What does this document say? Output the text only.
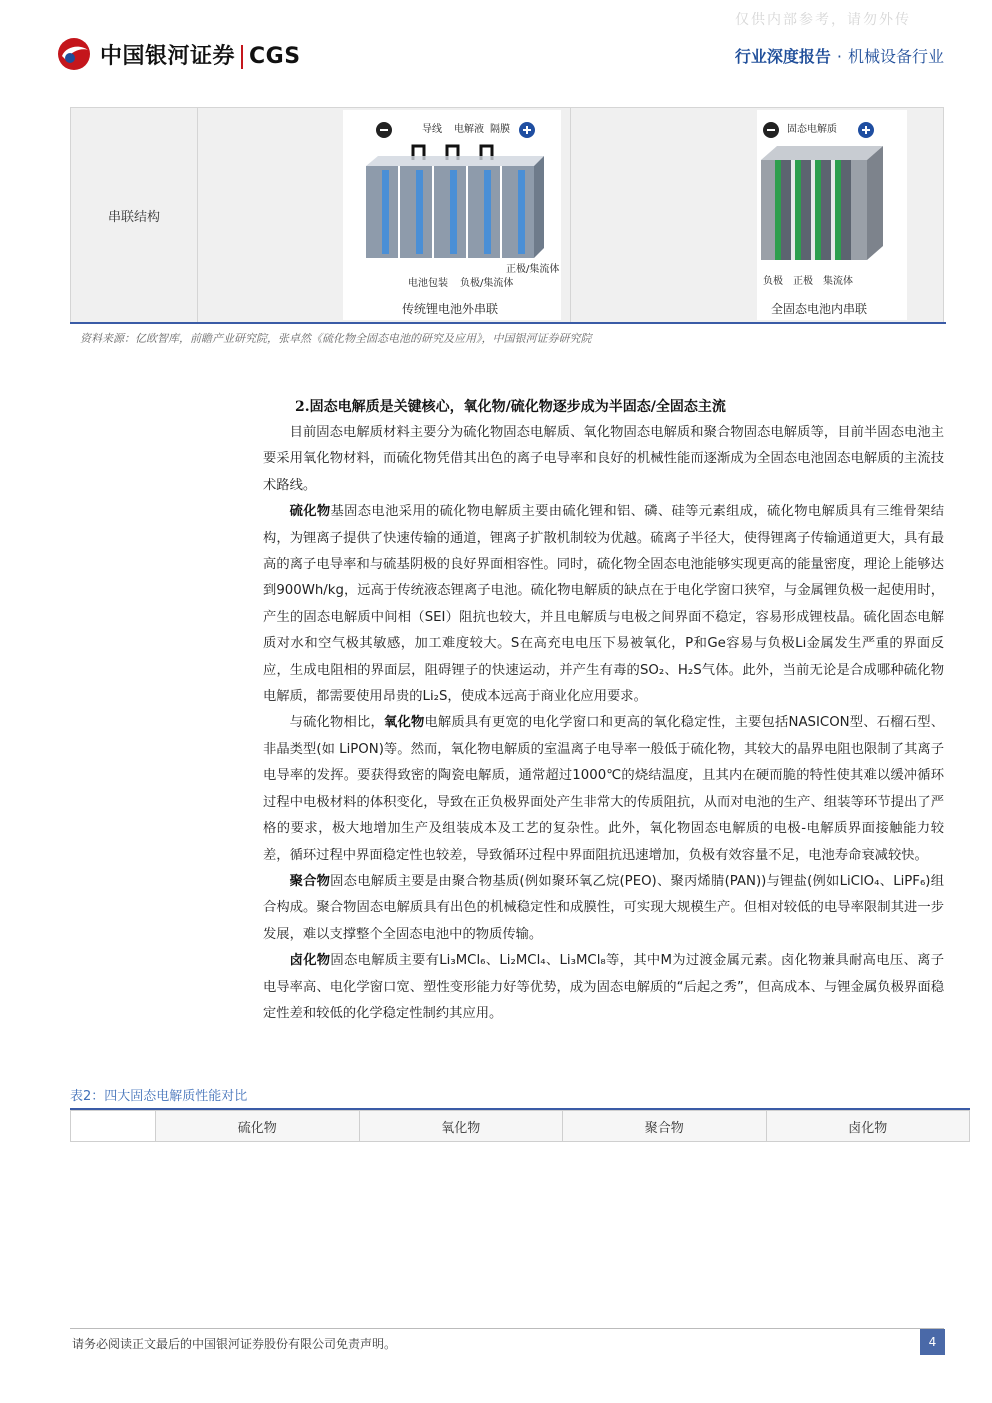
仅供内部参考，请勿外传
中国银河证券 CGS	行业深度报告 · 机械设备行业
串联结构	
导线 电解液 隔膜
电池包装 负极/集流体
正极/集流体
传统锂电池外串联

固态电解质
负极 正极 集流体
全固态电池内串联
资料来源：亿欧智库，前瞻产业研究院，张卓然《硫化物全固态电池的研究及应用》，中国银河证券研究院
2.固态电解质是关键核心，氧化物/硫化物逐步成为半固态/全固态主流

目前固态电解质材料主要分为硫化物固态电解质、氧化物固态电解质和聚合物固态电解质等，目前半固态电池主要采用氧化物材料，而硫化物凭借其出色的离子电导率和良好的机械性能而逐渐成为全固态电池固态电解质的主流技术路线。

硫化物基固态电池采用的硫化物电解质主要由硫化锂和铝、磷、硅等元素组成，硫化物电解质具有三维骨架结构，为锂离子提供了快速传输的通道，锂离子扩散机制较为优越。硫离子半径大，使得锂离子传输通道更大，具有最高的离子电导率和与硫基阴极的良好界面相容性。同时，硫化物全固态电池能够实现更高的能量密度，理论上能够达到900Wh/kg，远高于传统液态锂离子电池。硫化物电解质的缺点在于电化学窗口狭窄，与金属锂负极一起使用时，产生的固态电解质中间相（SEI）阻抗也较大，并且电解质与电极之间界面不稳定，容易形成锂枝晶。硫化固态电解质对水和空气极其敏感，加工难度较大。S在高充电电压下易被氧化，P和Ge容易与负极Li金属发生严重的界面反应，生成电阻相的界面层，阻碍锂子的快速运动，并产生有毒的SO₂、H₂S气体。此外，当前无论是合成哪种硫化物电解质，都需要使用昂贵的Li₂S，使成本远高于商业化应用要求。

与硫化物相比，氧化物电解质具有更宽的电化学窗口和更高的氧化稳定性，主要包括NASICON型、石榴石型、非晶类型(如 LiPON)等。然而，氧化物电解质的室温离子电导率一般低于硫化物，其较大的晶界电阻也限制了其离子电导率的发挥。要获得致密的陶瓷电解质，通常超过1000℃的烧结温度，且其内在硬而脆的特性使其难以缓冲循环过程中电极材料的体积变化，导致在正负极界面处产生非常大的传质阻抗，从而对电池的生产、组装等环节提出了严格的要求，极大地增加生产及组装成本及工艺的复杂性。此外，氧化物固态电解质的电极-电解质界面接触能力较差，循环过程中界面稳定性也较差，导致循环过程中界面阻抗迅速增加，负极有效容量不足，电池寿命衰减较快。

聚合物固态电解质主要是由聚合物基质(例如聚环氧乙烷(PEO)、聚丙烯腈(PAN))与锂盐(例如LiClO₄、LiPF₆)组合构成。聚合物固态电解质具有出色的机械稳定性和成膜性，可实现大规模生产。但相对较低的电导率限制其进一步发展，难以支撑整个全固态电池中的物质传输。

卤化物固态电解质主要有Li₃MCl₆、Li₂MCl₄、Li₃MCl₈等，其中M为过渡金属元素。卤化物兼具耐高电压、离子电导率高、电化学窗口宽、塑性变形能力好等优势，成为固态电解质的“后起之秀”，但高成本、与锂金属负极界面稳定性差和较低的化学稳定性制约其应用。

表2：四大固态电解质性能对比
	硫化物	氧化物	聚合物	卤化物
请务必阅读正文最后的中国银河证券股份有限公司免责声明。	4
